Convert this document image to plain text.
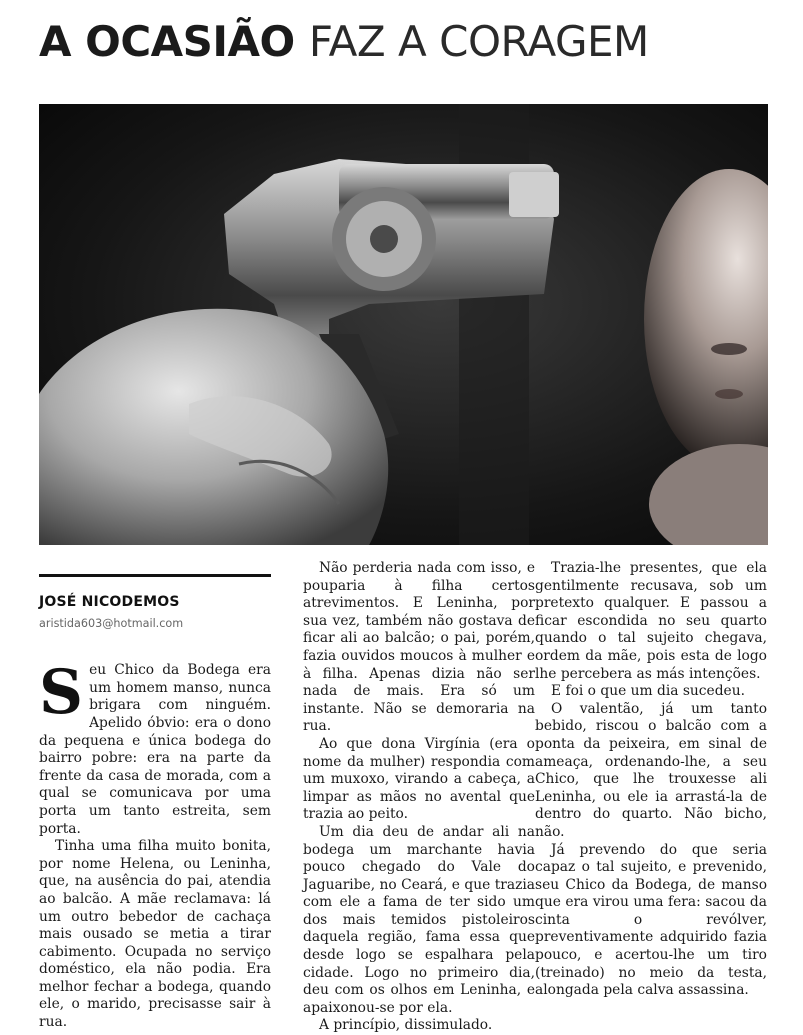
A OCASIÃO FAZ A CORAGEM
JOSÉ NICODEMOS
aristida603@hotmail.com

Seu Chico da Bodega era um homem manso, nunca brigara com ninguém. Apelido óbvio: era o dono da pequena e única bodega do bairro pobre: era na parte da frente da casa de morada, com a qual se comunicava por uma porta um tanto estreita, sem porta.

Tinha uma filha muito bonita, por nome Helena, ou Leninha, que, na ausência do pai, atendia ao balcão. A mãe reclamava: lá um outro bebedor de cachaça mais ousado se metia a tirar cabimento. Ocupada no serviço doméstico, ela não podia. Era melhor fechar a bodega, quando ele, o marido, precisasse sair à rua.

Não perderia nada com isso, e pouparia à filha certos atrevimentos. E Leninha, por sua vez, também não gostava de ficar ali ao balcão; o pai, porém, fazia ouvidos moucos à mulher e à filha. Apenas dizia não ser nada de mais. Era só um instante. Não se demoraria na rua.

Ao que dona Virgínia (era o nome da mulher) respondia com um muxoxo, virando a cabeça, a limpar as mãos no avental que trazia ao peito.

Um dia deu de andar ali na bodega um marchante havia pouco chegado do Vale do Jaguaribe, no Ceará, e que trazia com ele a fama de ter sido um dos mais temidos pistoleiros daquela região, fama essa que desde logo se espalhara pela cidade. Logo no primeiro dia, deu com os olhos em Leninha, e apaixonou-se por ela.

A princípio, dissimulado.

Trazia-lhe presentes, que ela gentilmente recusava, sob um pretexto qualquer. E passou a ficar escondida no seu quarto quando o tal sujeito chegava, ordem da mãe, pois esta de logo lhe percebera as más intenções.

E foi o que um dia sucedeu.

O valentão, já um tanto bebido, riscou o balcão com a ponta da peixeira, em sinal de ameaça, ordenando-lhe, a seu Chico, que lhe trouxesse ali Leninha, ou ele ia arrastá-la de dentro do quarto. Não bicho, não.

Já prevendo do que seria capaz o tal sujeito, e prevenido, seu Chico da Bodega, de manso que era virou uma fera: sacou da cinta o revólver, preventivamente adquirido fazia pouco, e acertou-lhe um tiro (treinado) no meio da testa, alongada pela calva assassina.
